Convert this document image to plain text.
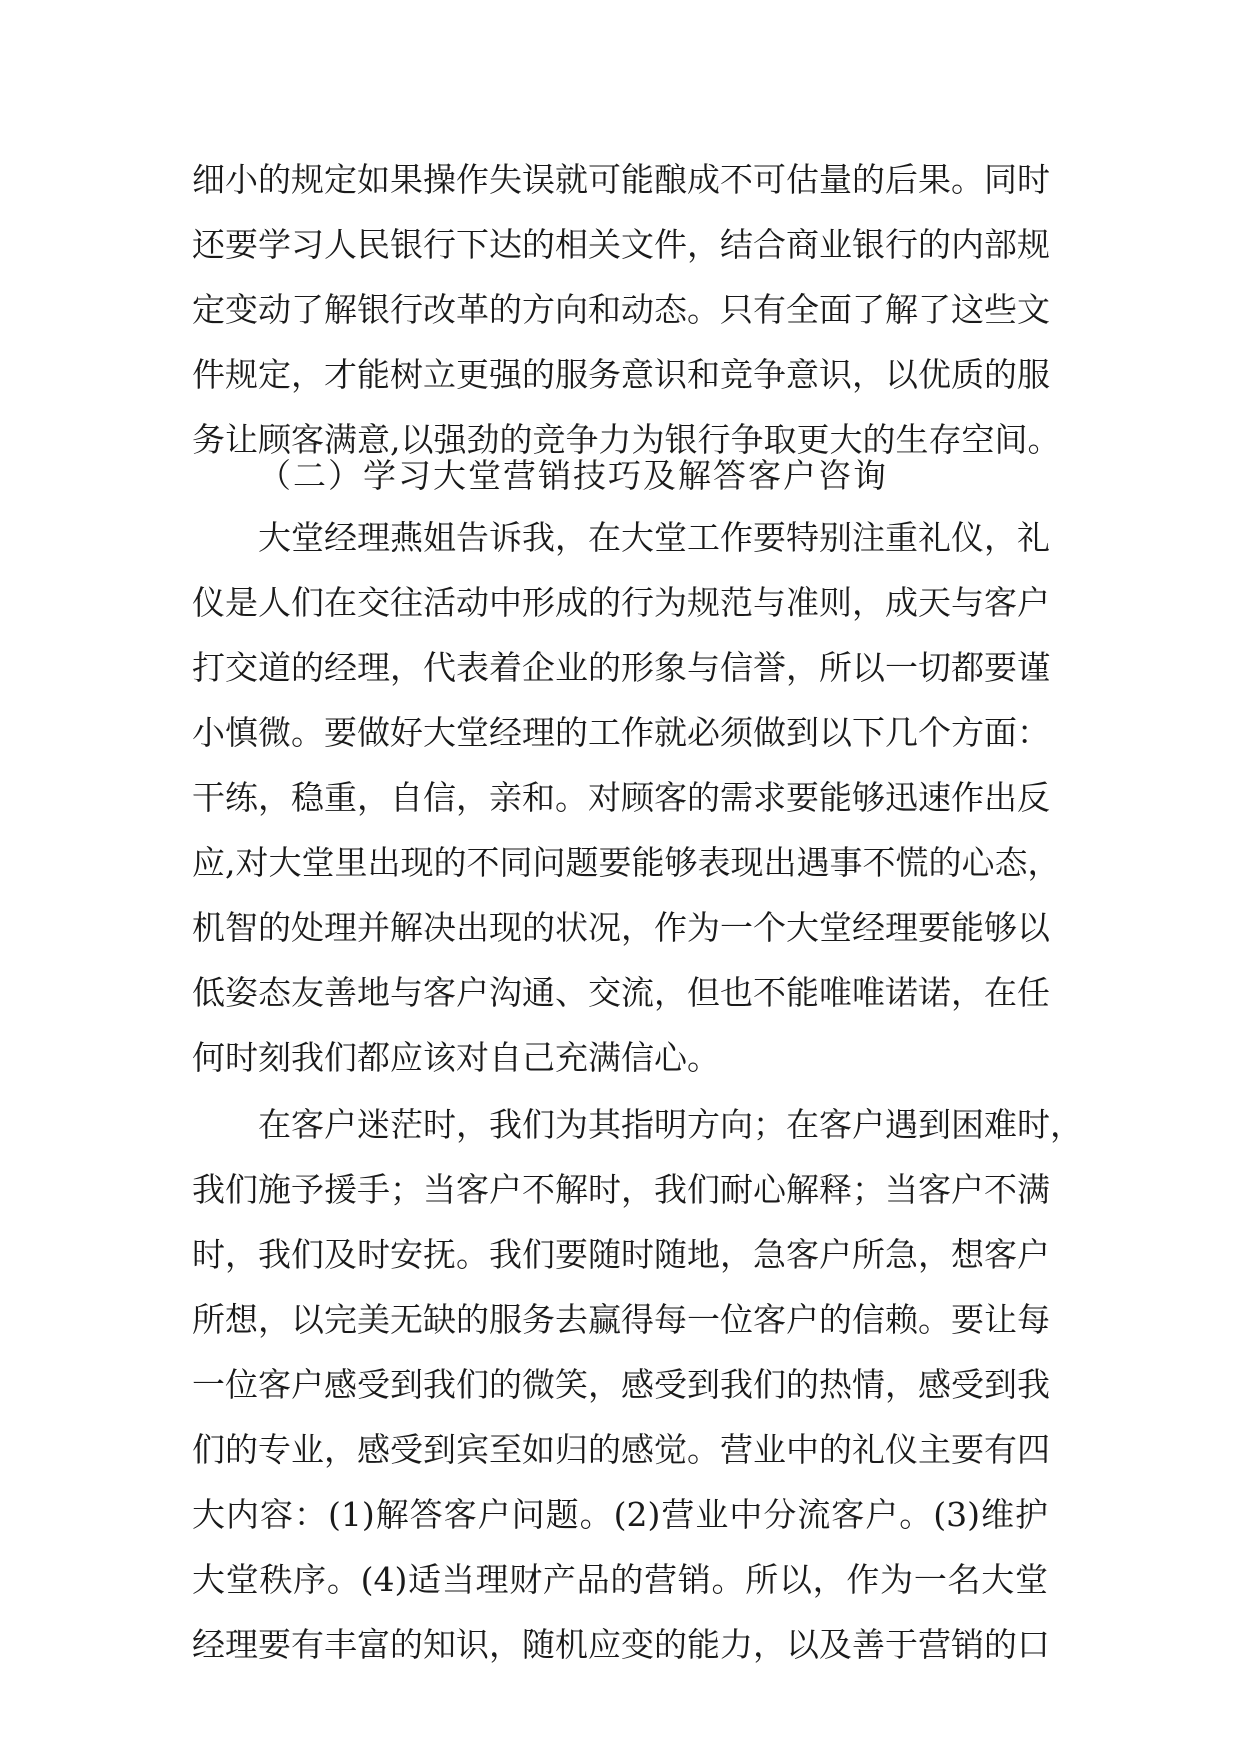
细小的规定如果操作失误就可能酿成不可估量的后果。同时
还要学习人民银行下达的相关文件，结合商业银行的内部规
定变动了解银行改革的方向和动态。只有全面了解了这些文
件规定，才能树立更强的服务意识和竞争意识，以优质的服
务让顾客满意,以强劲的竞争力为银行争取更大的生存空间。
（二）学习大堂营销技巧及解答客户咨询
大堂经理燕姐告诉我，在大堂工作要特别注重礼仪，礼
仪是人们在交往活动中形成的行为规范与准则，成天与客户
打交道的经理，代表着企业的形象与信誉，所以一切都要谨
小慎微。要做好大堂经理的工作就必须做到以下几个方面：
干练，稳重，自信，亲和。对顾客的需求要能够迅速作出反
应,对大堂里出现的不同问题要能够表现出遇事不慌的心态，
机智的处理并解决出现的状况，作为一个大堂经理要能够以
低姿态友善地与客户沟通、交流，但也不能唯唯诺诺，在任
何时刻我们都应该对自己充满信心。
在客户迷茫时，我们为其指明方向；在客户遇到困难时，
我们施予援手；当客户不解时，我们耐心解释；当客户不满
时，我们及时安抚。我们要随时随地，急客户所急，想客户
所想，以完美无缺的服务去赢得每一位客户的信赖。要让每
一位客户感受到我们的微笑，感受到我们的热情，感受到我
们的专业，感受到宾至如归的感觉。营业中的礼仪主要有四
大内容：(1)解答客户问题。(2)营业中分流客户。(3)维护
大堂秩序。(4)适当理财产品的营销。所以，作为一名大堂
经理要有丰富的知识，随机应变的能力，以及善于营销的口
